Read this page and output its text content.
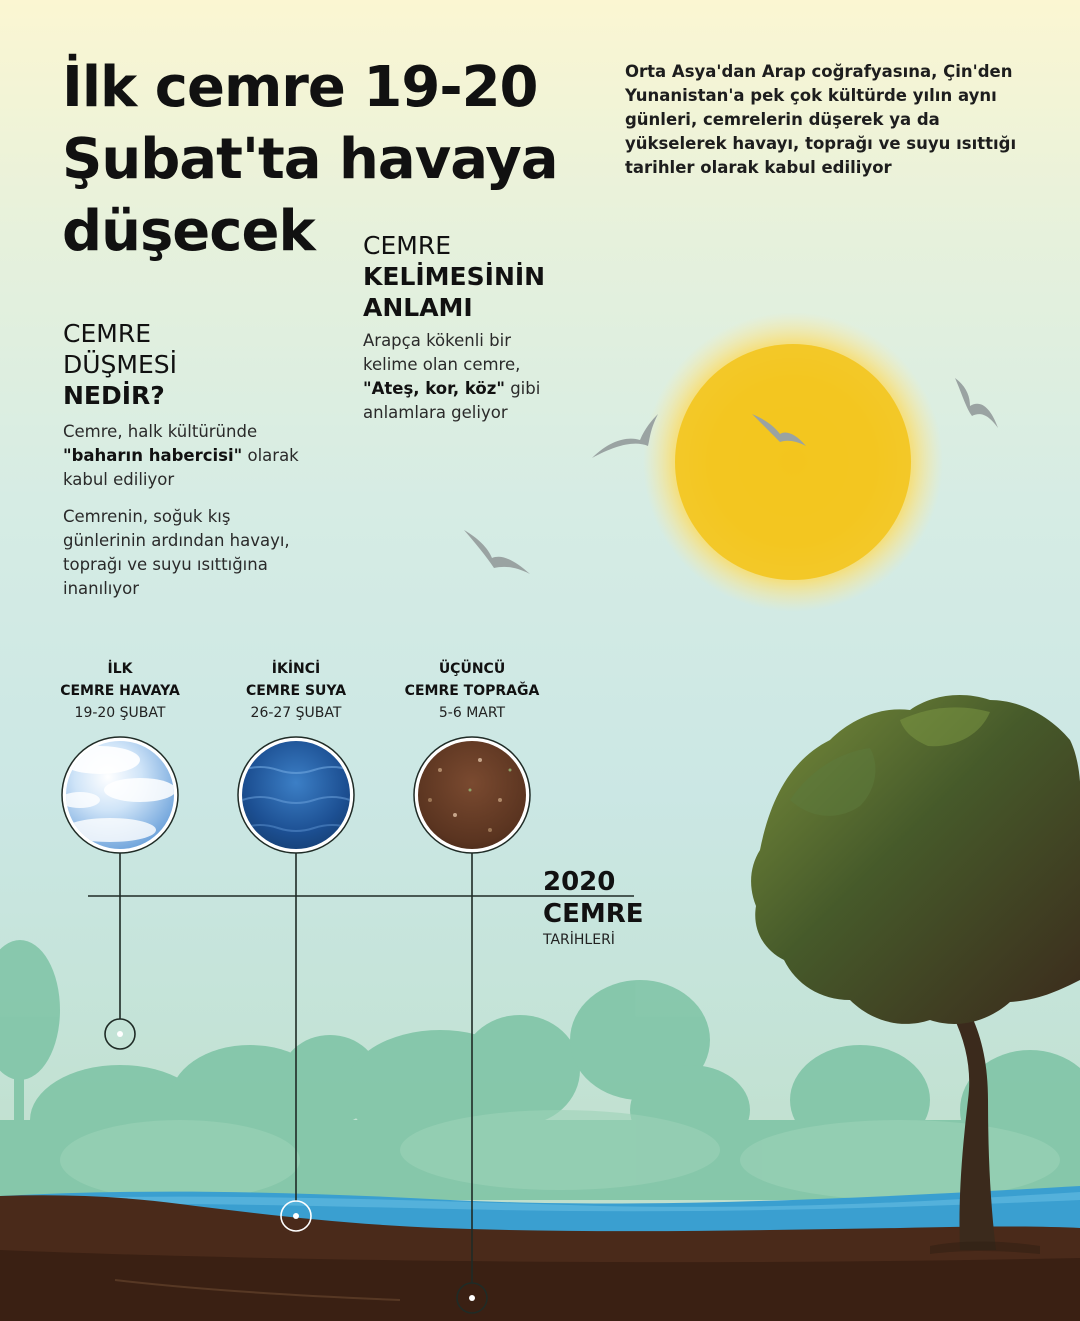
İlk cemre 19-20
Şubat'ta havaya
düşecek

Orta Asya'dan Arap coğrafyasına, Çin'den Yunanistan'a pek çok kültürde yılın aynı günleri, cemrelerin düşerek ya da yükselerek havayı, toprağı ve suyu ısıttığı tarihler olarak kabul ediliyor

CEMRE
KELİMESİNİN
ANLAMI

Arapça kökenli bir kelime olan cemre, "Ateş, kor, köz" gibi anlamlara geliyor

CEMRE
DÜŞMESİ
NEDİR?

Cemre, halk kültüründe "baharın habercisi" olarak kabul ediliyor

Cemrenin, soğuk kış günlerinin ardından havayı, toprağı ve suyu ısıttığına inanılıyor

İLK
CEMRE HAVAYA
19-20 ŞUBAT
İKİNCİ
CEMRE SUYA
26-27 ŞUBAT
ÜÇÜNCÜ
CEMRE TOPRAĞA
5-6 MART
2020
CEMRE
TARİHLERİ
